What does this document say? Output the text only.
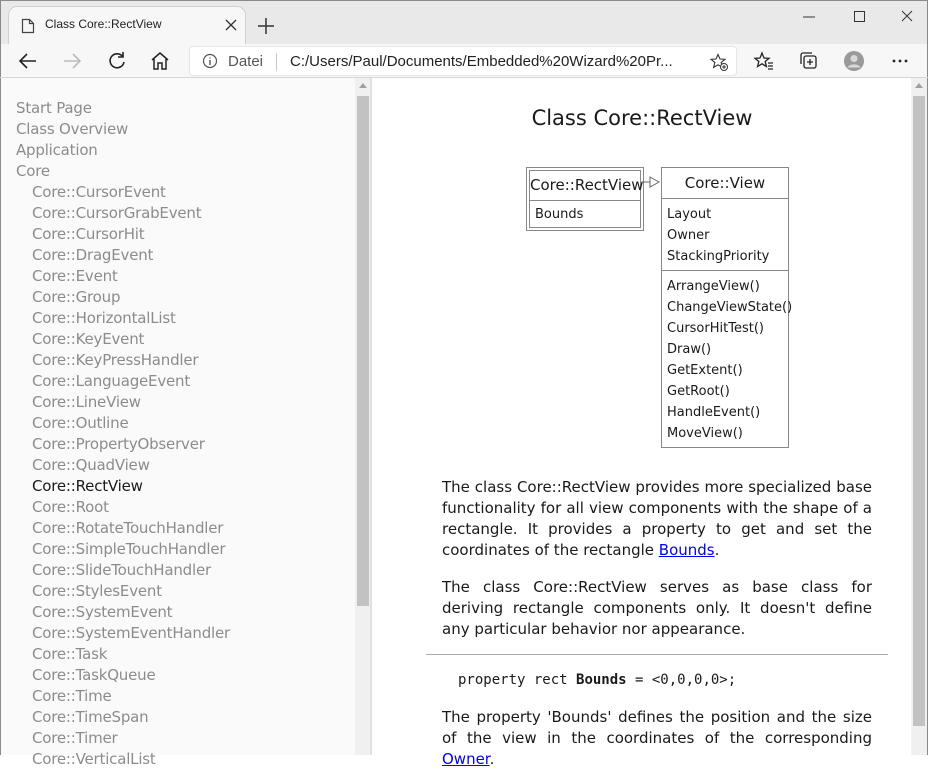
Class Core::RectView
Datei C:/Users/Paul/Documents/Embedded%20Wizard%20Pr...
Start Page
Class Overview
Application
Core
Core::CursorEvent
Core::CursorGrabEvent
Core::CursorHit
Core::DragEvent
Core::Event
Core::Group
Core::HorizontalList
Core::KeyEvent
Core::KeyPressHandler
Core::LanguageEvent
Core::LineView
Core::Outline
Core::PropertyObserver
Core::QuadView
Core::RectView
Core::Root
Core::RotateTouchHandler
Core::SimpleTouchHandler
Core::SlideTouchHandler
Core::StylesEvent
Core::SystemEvent
Core::SystemEventHandler
Core::Task
Core::TaskQueue
Core::Time
Core::TimeSpan
Core::Timer
Core::VerticalList
Class Core::RectView
Core::RectView
Bounds
Core::View
Layout
Owner
StackingPriority
ArrangeView()
ChangeViewState()
CursorHitTest()
Draw()
GetExtent()
GetRoot()
HandleEvent()
MoveView()
The class Core::RectView provides more specialized base functionality for all view components with the shape of a rectangle. It provides a property to get and set the coordinates of the rectangle Bounds.
The class Core::RectView serves as base class for deriving rectangle components only. It doesn't define any particular behavior nor appearance.
property rect Bounds = <0,0,0,0>;
The property 'Bounds' defines the position and the size of the view in the coordinates of the corresponding Owner.
